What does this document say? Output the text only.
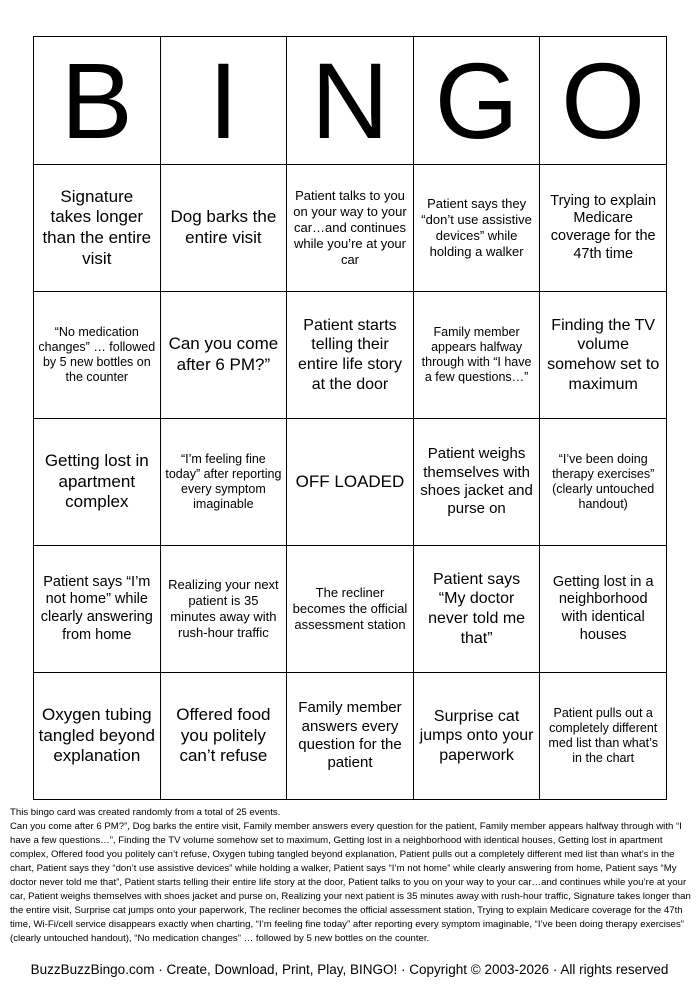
B	I	N	G	O
Signature takes longer than the entire visit	Dog barks the entire visit	Patient talks to you on your way to your car…and continues while you’re at your car	Patient says they “don’t use assistive devices” while holding a walker	Trying to explain Medicare coverage for the 47th time
“No medication changes” … followed by 5 new bottles on the counter	Can you come after 6 PM?”	Patient starts telling their entire life story at the door	Family member appears halfway through with “I have a few questions…”	Finding the TV volume somehow set to maximum
Getting lost in apartment complex	“I’m feeling fine today” after reporting every symptom imaginable	OFF LOADED	Patient weighs themselves with shoes jacket and purse on	“I’ve been doing therapy exercises” (clearly untouched handout)
Patient says “I’m not home” while clearly answering from home	Realizing your next patient is 35 minutes away with rush-hour traffic	The recliner becomes the official assessment station	Patient says “My doctor never told me that”	Getting lost in a neighborhood with identical houses
Oxygen tubing tangled beyond explanation	Offered food you politely can’t refuse	Family member answers every question for the patient	Surprise cat jumps onto your paperwork	Patient pulls out a completely different med list than what’s in the chart

This bingo card was created randomly from a total of 25 events.

Can you come after 6 PM?”, Dog barks the entire visit, Family member answers every question for the patient, Family member appears halfway through with “I have a few questions…”, Finding the TV volume somehow set to maximum, Getting lost in a neighborhood with identical houses, Getting lost in apartment complex, Offered food you politely can’t refuse, Oxygen tubing tangled beyond explanation, Patient pulls out a completely different med list than what’s in the chart, Patient says they “don’t use assistive devices” while holding a walker, Patient says “I’m not home” while clearly answering from home, Patient says “My doctor never told me that”, Patient starts telling their entire life story at the door, Patient talks to you on your way to your car…and continues while you’re at your car, Patient weighs themselves with shoes jacket and purse on, Realizing your next patient is 35 minutes away with rush-hour traffic, Signature takes longer than the entire visit, Surprise cat jumps onto your paperwork, The recliner becomes the official assessment station, Trying to explain Medicare coverage for the 47th time, Wi-Fi/cell service disappears exactly when charting, “I’m feeling fine today” after reporting every symptom imaginable, “I’ve been doing therapy exercises” (clearly untouched handout), “No medication changes” … followed by 5 new bottles on the counter.

BuzzBuzzBingo.com · Create, Download, Print, Play, BINGO! · Copyright © 2003-2026 · All rights reserved
